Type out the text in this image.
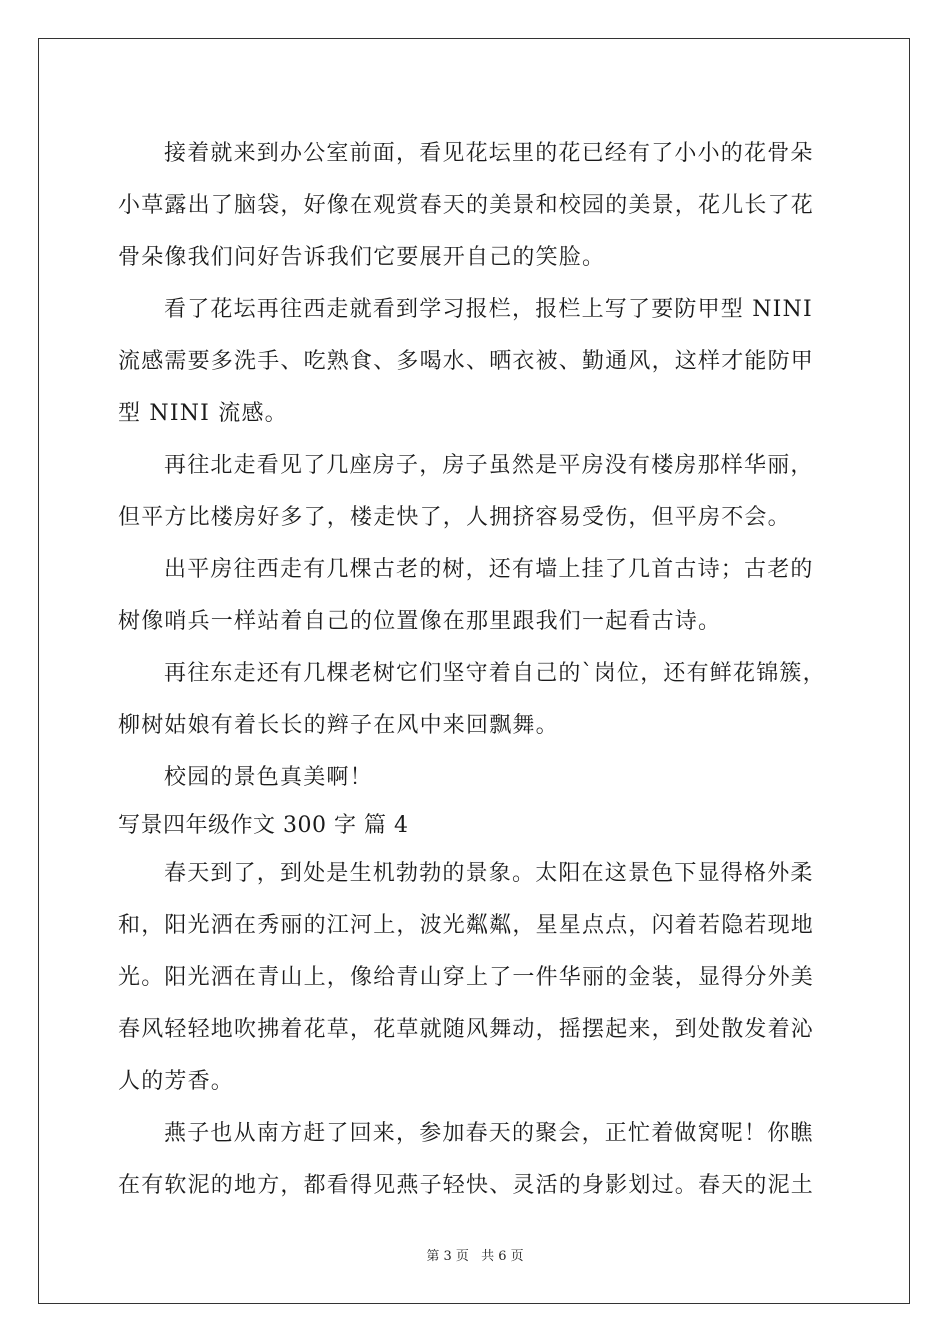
接着就来到办公室前面，看见花坛里的花已经有了小小的花骨朵
小草露出了脑袋，好像在观赏春天的美景和校园的美景，花儿长了花
骨朵像我们问好告诉我们它要展开自己的笑脸。
看了花坛再往西走就看到学习报栏，报栏上写了要防甲型 NINI
流感需要多洗手、吃熟食、多喝水、晒衣被、勤通风，这样才能防甲
型 NINI 流感。
再往北走看见了几座房子，房子虽然是平房没有楼房那样华丽，
但平方比楼房好多了，楼走快了，人拥挤容易受伤，但平房不会。
出平房往西走有几棵古老的树，还有墙上挂了几首古诗；古老的
树像哨兵一样站着自己的位置像在那里跟我们一起看古诗。
再往东走还有几棵老树它们坚守着自己的`岗位，还有鲜花锦簇，
柳树姑娘有着长长的辫子在风中来回飘舞。
校园的景色真美啊！
写景四年级作文 300 字 篇 4
春天到了，到处是生机勃勃的景象。太阳在这景色下显得格外柔
和，阳光洒在秀丽的江河上，波光粼粼，星星点点，闪着若隐若现地
光。阳光洒在青山上，像给青山穿上了一件华丽的金装，显得分外美
春风轻轻地吹拂着花草，花草就随风舞动，摇摆起来，到处散发着沁
人的芳香。
燕子也从南方赶了回来，参加春天的聚会，正忙着做窝呢！你瞧
在有软泥的地方，都看得见燕子轻快、灵活的身影划过。春天的泥土
第 3 页 共 6 页
